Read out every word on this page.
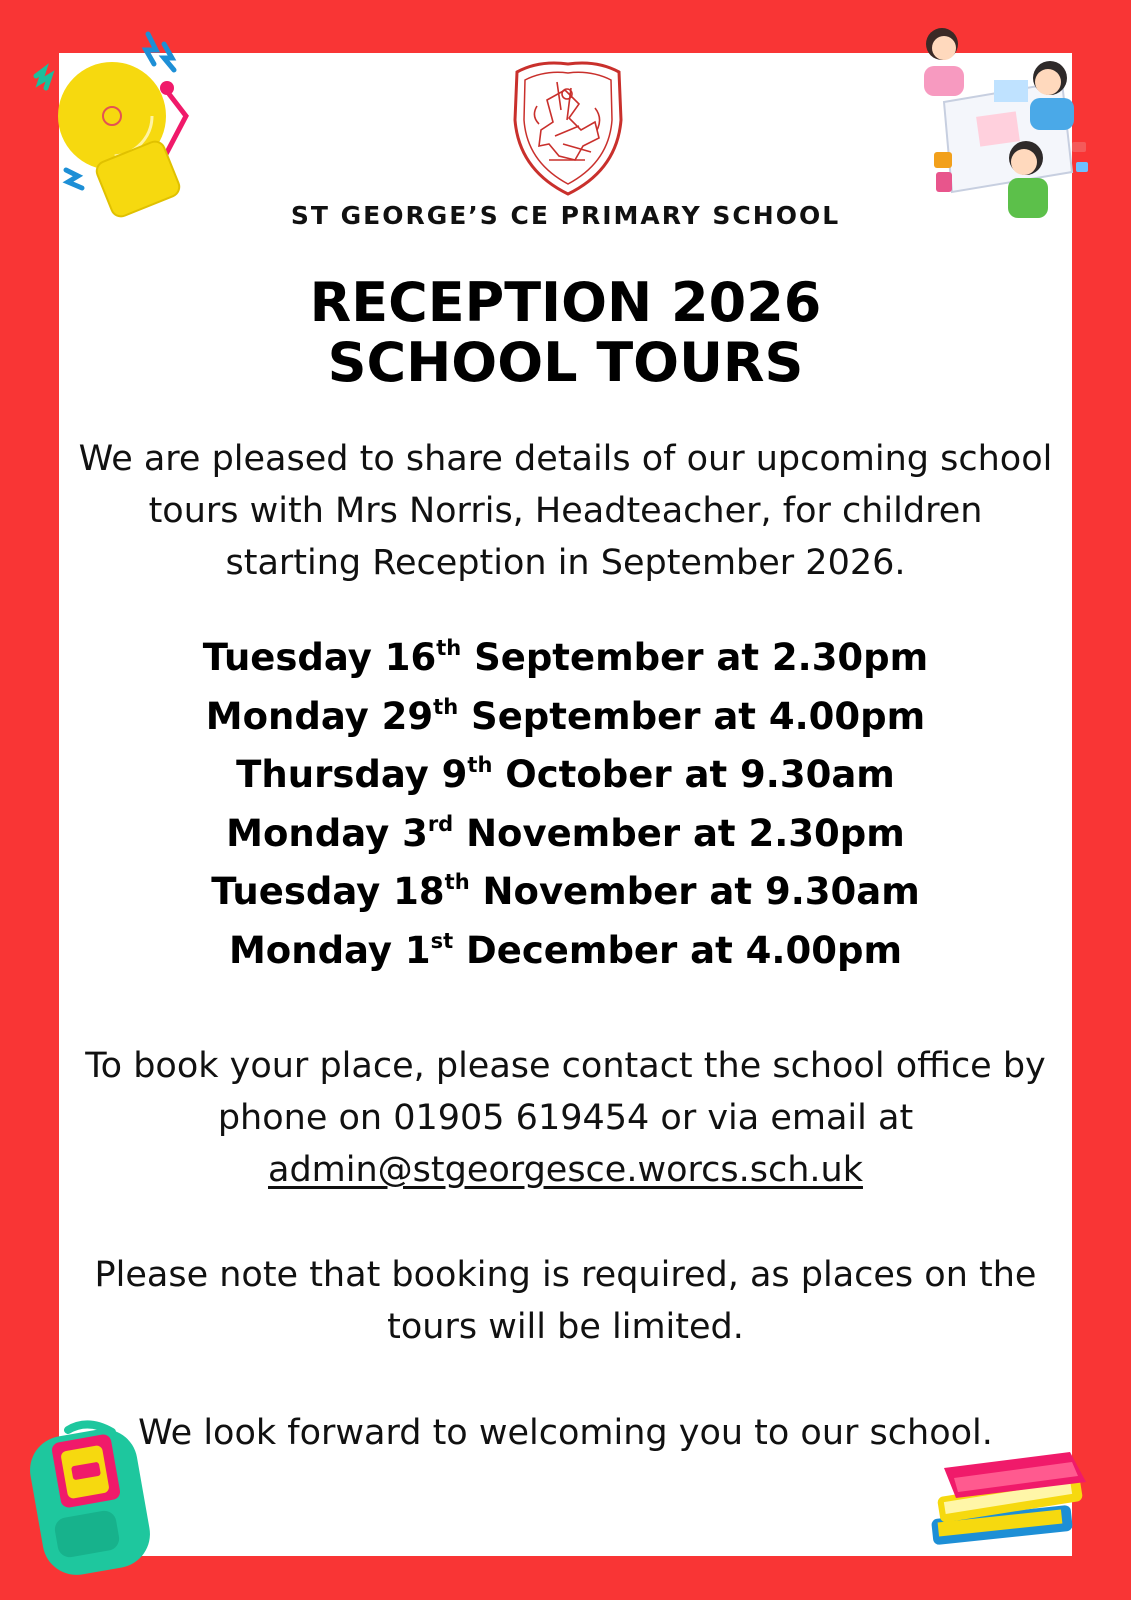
ST GEORGE’S CE PRIMARY SCHOOL
RECEPTION 2026
SCHOOL TOURS
We are pleased to share details of our upcoming school
tours with Mrs Norris, Headteacher, for children
starting Reception in September 2026.
Tuesday 16th September at 2.30pm
Monday 29th September at 4.00pm
Thursday 9th October at 9.30am
Monday 3rd November at 2.30pm
Tuesday 18th November at 9.30am
Monday 1st December at 4.00pm
To book your place, please contact the school office by
phone on 01905 619454 or via email at
admin@stgeorgesce.worcs.sch.uk
Please note that booking is required, as places on the
tours will be limited.
We look forward to welcoming you to our school.
